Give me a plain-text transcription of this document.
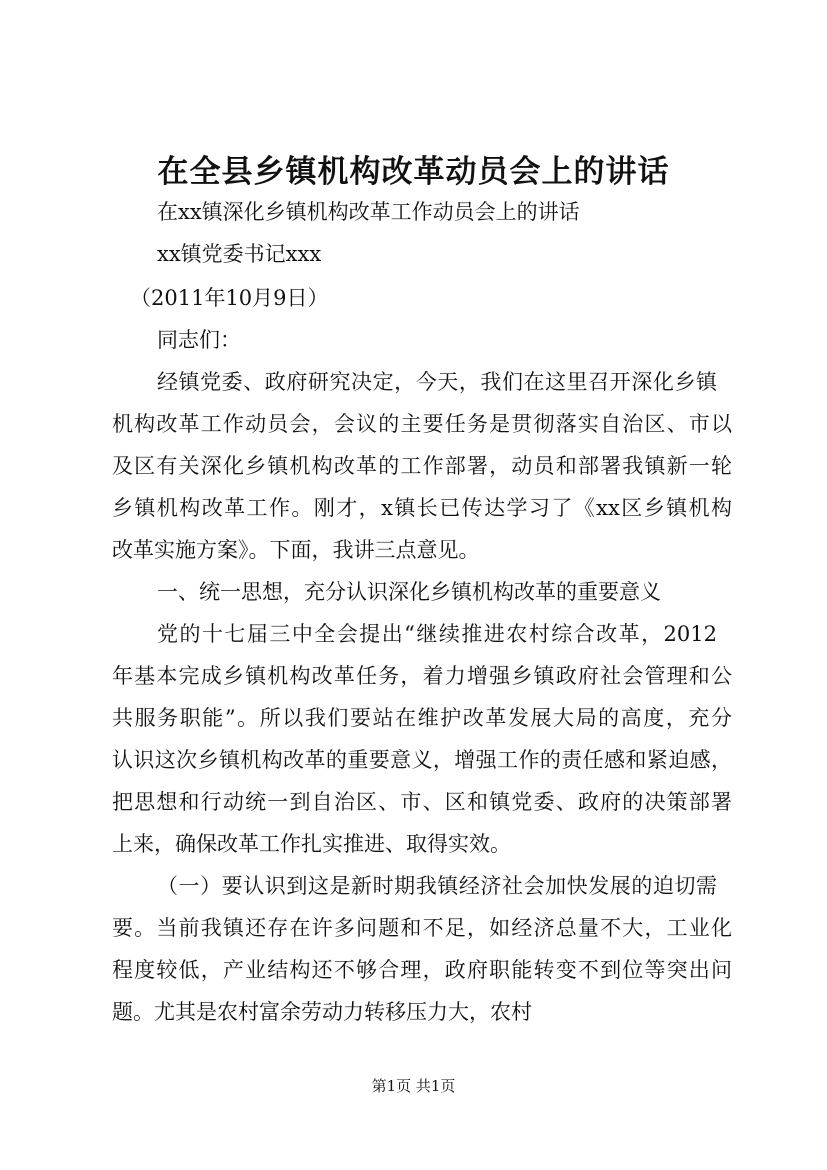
在全县乡镇机构改革动员会上的讲话
在xx镇深化乡镇机构改革工作动员会上的讲话
xx镇党委书记xxx
（2011年10月9日）
同志们：
经镇党委、政府研究决定，今天，我们在这里召开深化乡镇
机构改革工作动员会，会议的主要任务是贯彻落实自治区、市以
及区有关深化乡镇机构改革的工作部署，动员和部署我镇新一轮
乡镇机构改革工作。刚才，x镇长已传达学习了《xx区乡镇机构
改革实施方案》。下面，我讲三点意见。
一、统一思想，充分认识深化乡镇机构改革的重要意义
党的十七届三中全会提出“继续推进农村综合改革，2012
年基本完成乡镇机构改革任务，着力增强乡镇政府社会管理和公
共服务职能”。所以我们要站在维护改革发展大局的高度，充分
认识这次乡镇机构改革的重要意义，增强工作的责任感和紧迫感，
把思想和行动统一到自治区、市、区和镇党委、政府的决策部署
上来，确保改革工作扎实推进、取得实效。
（一）要认识到这是新时期我镇经济社会加快发展的迫切需
要。当前我镇还存在许多问题和不足，如经济总量不大，工业化
程度较低，产业结构还不够合理，政府职能转变不到位等突出问
题。尤其是农村富余劳动力转移压力大，农村
第1页 共1页
